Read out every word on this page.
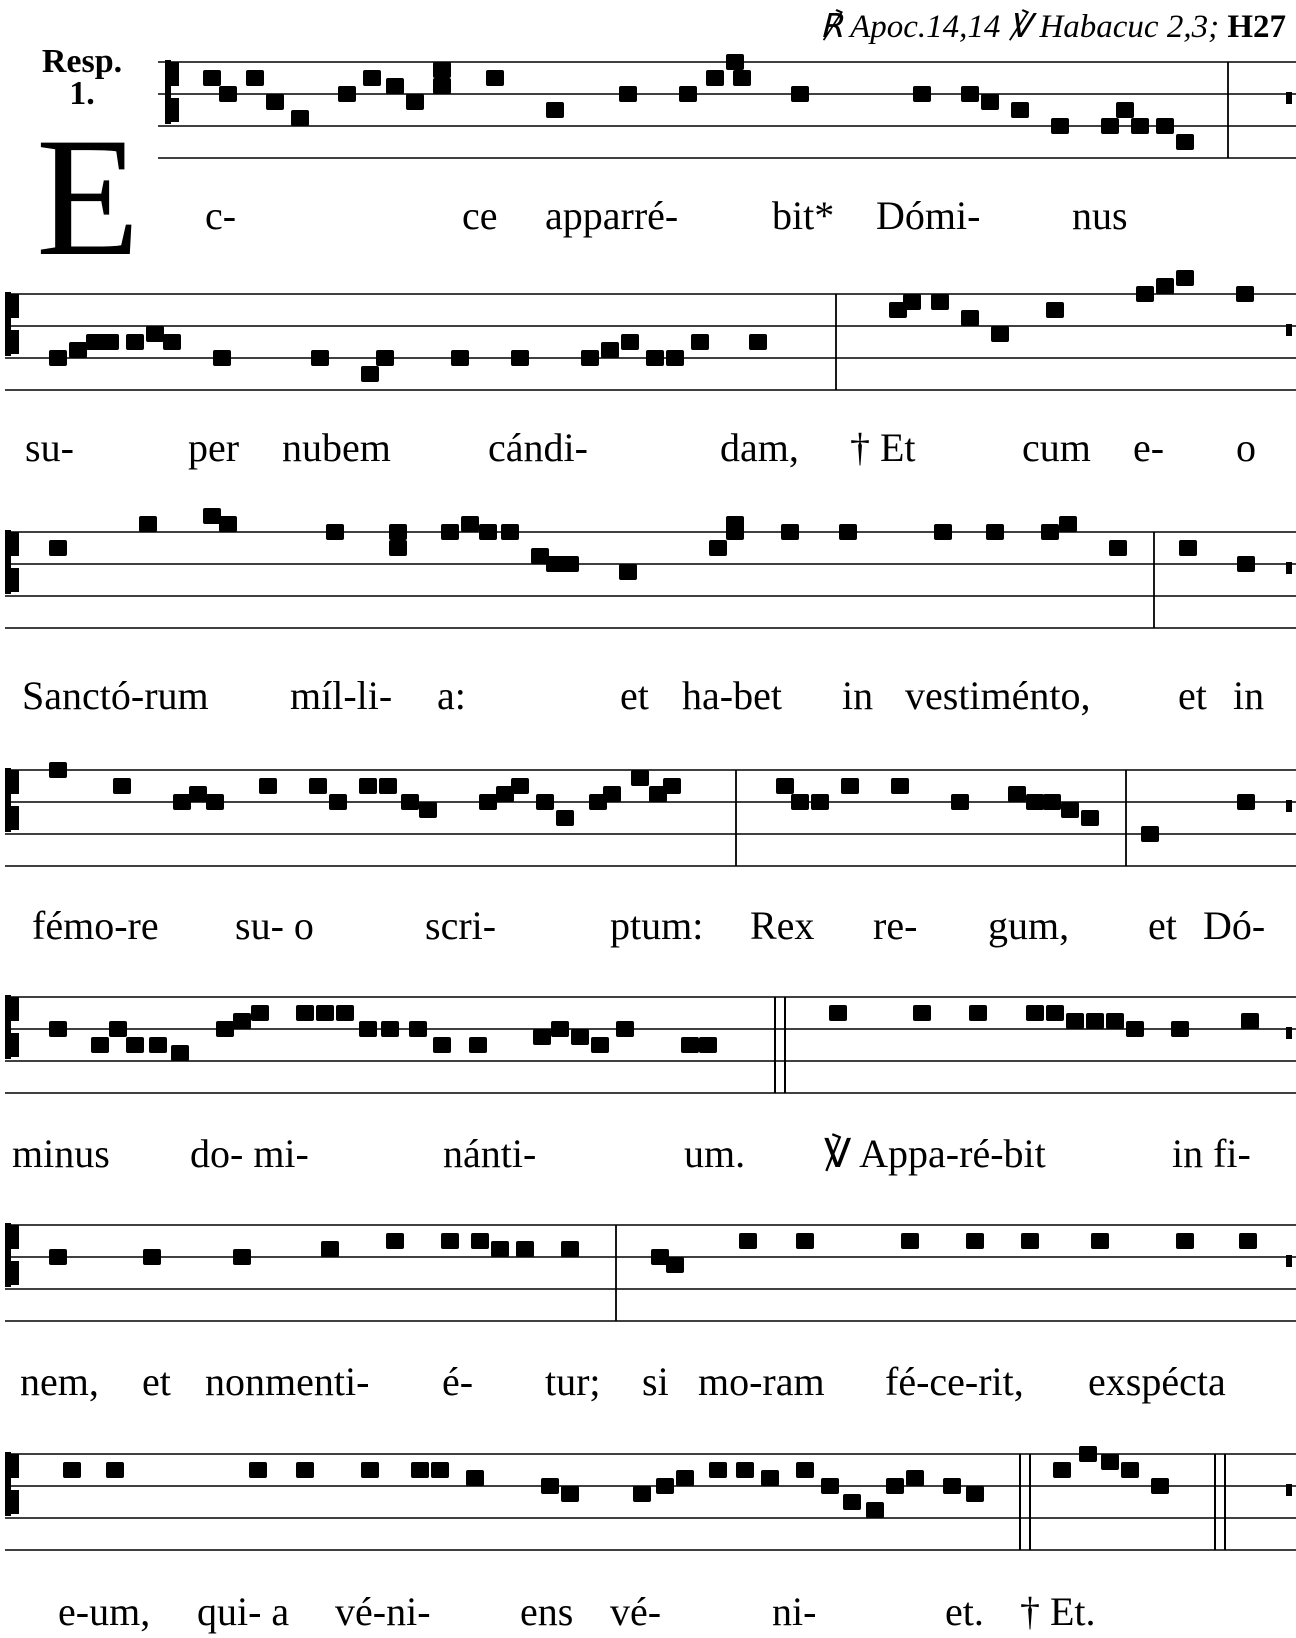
℟ Apoc.14,14 ℣ Habacuc 2,3; H27
Resp.
1.
E c-	ce apparré- bit* Dómi- nus
su-	per nubem cándi-	dam, † Et	cum e- o
Sanctó-rum míl-li- a:	et ha-bet in vestiménto, et in
fémo-re su- o	scri-	ptum: Rex re- gum, et Dó-
minus do- mi-	nánti-	um. ℣ Appa-ré-bit	in fi-
nem, et nonmenti- é- tur; si mo-ram fé-ce-rit, exspécta
e-um, qui- a vé-ni- ens vé-	ni-	et. † Et.
